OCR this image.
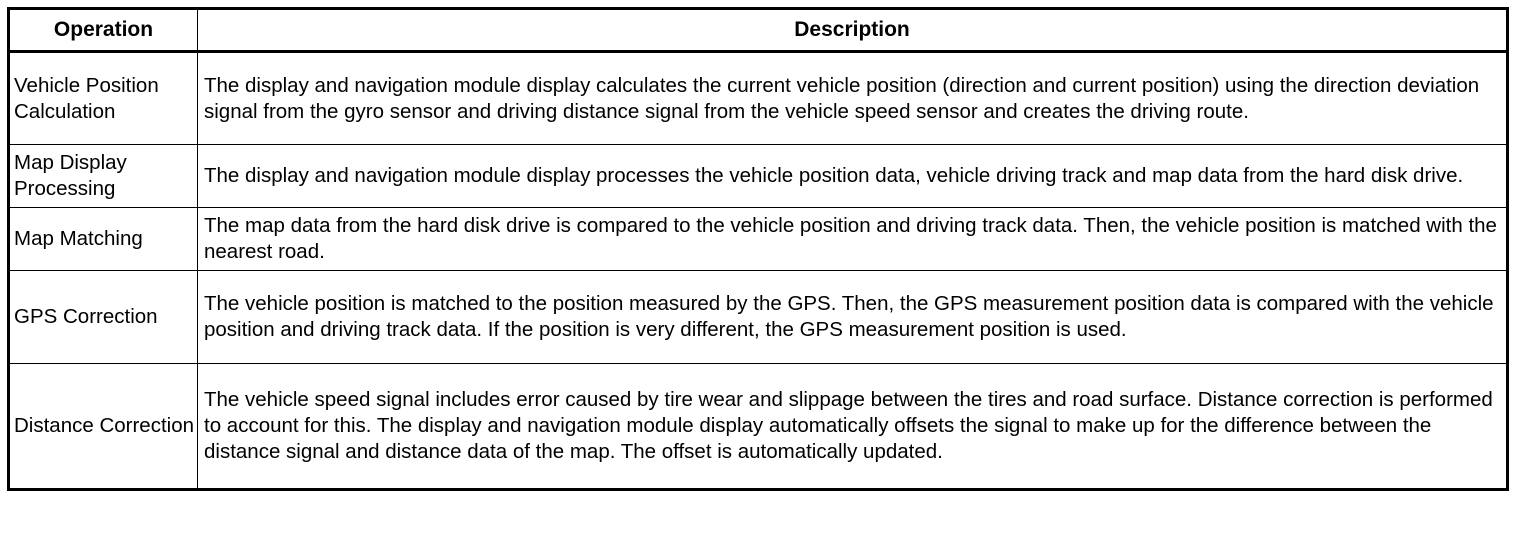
Operation	Description
Vehicle Position Calculation	The display and navigation module display calculates the current vehicle position (direction and current position) using the direction deviation signal from the gyro sensor and driving distance signal from the vehicle speed sensor and creates the driving route.
Map Display Processing	The display and navigation module display processes the vehicle position data, vehicle driving track and map data from the hard disk drive.
Map Matching	The map data from the hard disk drive is compared to the vehicle position and driving track data. Then, the vehicle position is matched with the nearest road.
GPS Correction	The vehicle position is matched to the position measured by the GPS. Then, the GPS measurement position data is compared with the vehicle position and driving track data. If the position is very different, the GPS measurement position is used.
Distance Correction	The vehicle speed signal includes error caused by tire wear and slippage between the tires and road surface. Distance correction is performed to account for this. The display and navigation module display automatically offsets the signal to make up for the difference between the distance signal and distance data of the map. The offset is automatically updated.
